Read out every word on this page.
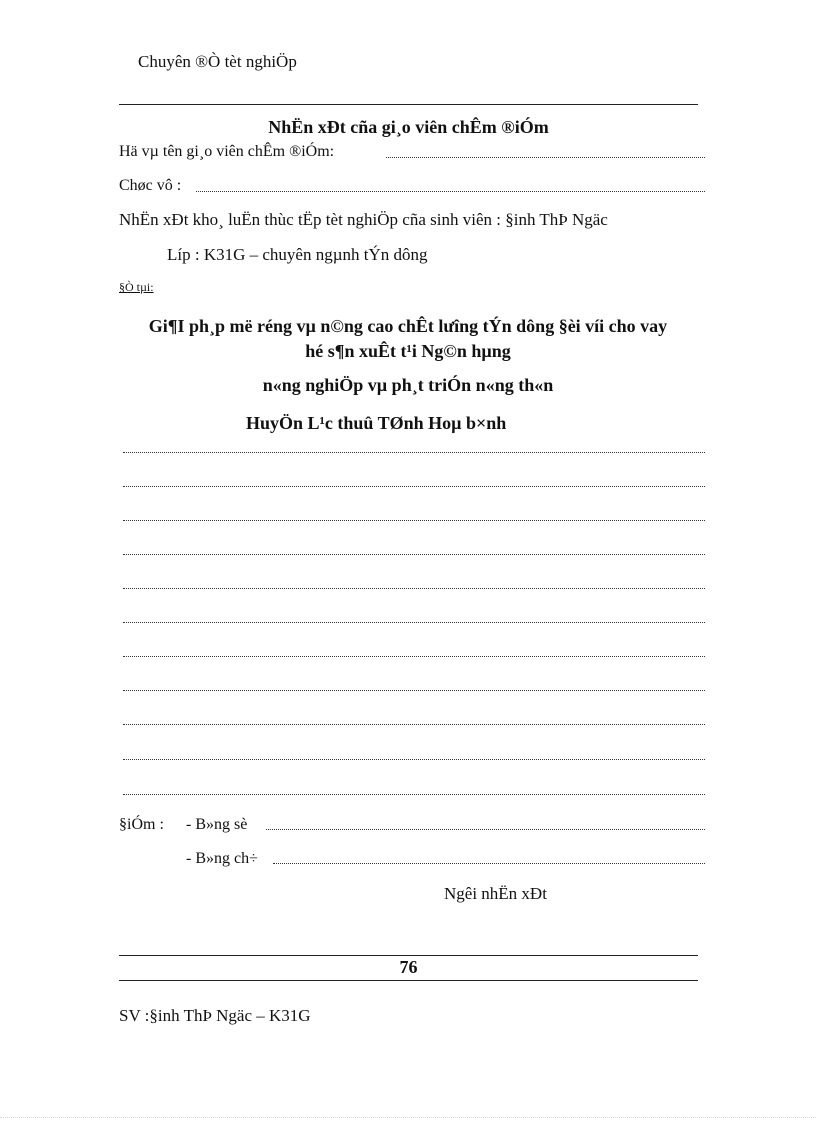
Chuyên ®Ò tèt nghiÖp
NhËn xÐt cña gi¸o viên chÊm ®iÓm
Hä vµ tên gi¸o viên chÊm ®iÓm:
Chøc vô :
NhËn xÐt kho¸ luËn thùc tËp tèt nghiÖp cña sinh viên : §inh ThÞ Ngäc
Líp : K31G – chuyên ngµnh tÝn dông
§Ò tµi:
Gi¶I ph¸p më réng vµ n©ng cao chÊt lưîng tÝn dông §èi víi cho vay
hé s¶n xuÊt t¹i Ng©n hµng
n«ng nghiÖp vµ ph¸t triÓn n«ng th«n
HuyÖn L¹c thuû TØnh Hoµ b×nh
§iÓm : - B»ng sè
- B»ng ch÷
Ngêi nhËn xÐt
76
SV :§inh ThÞ Ngäc – K31G
